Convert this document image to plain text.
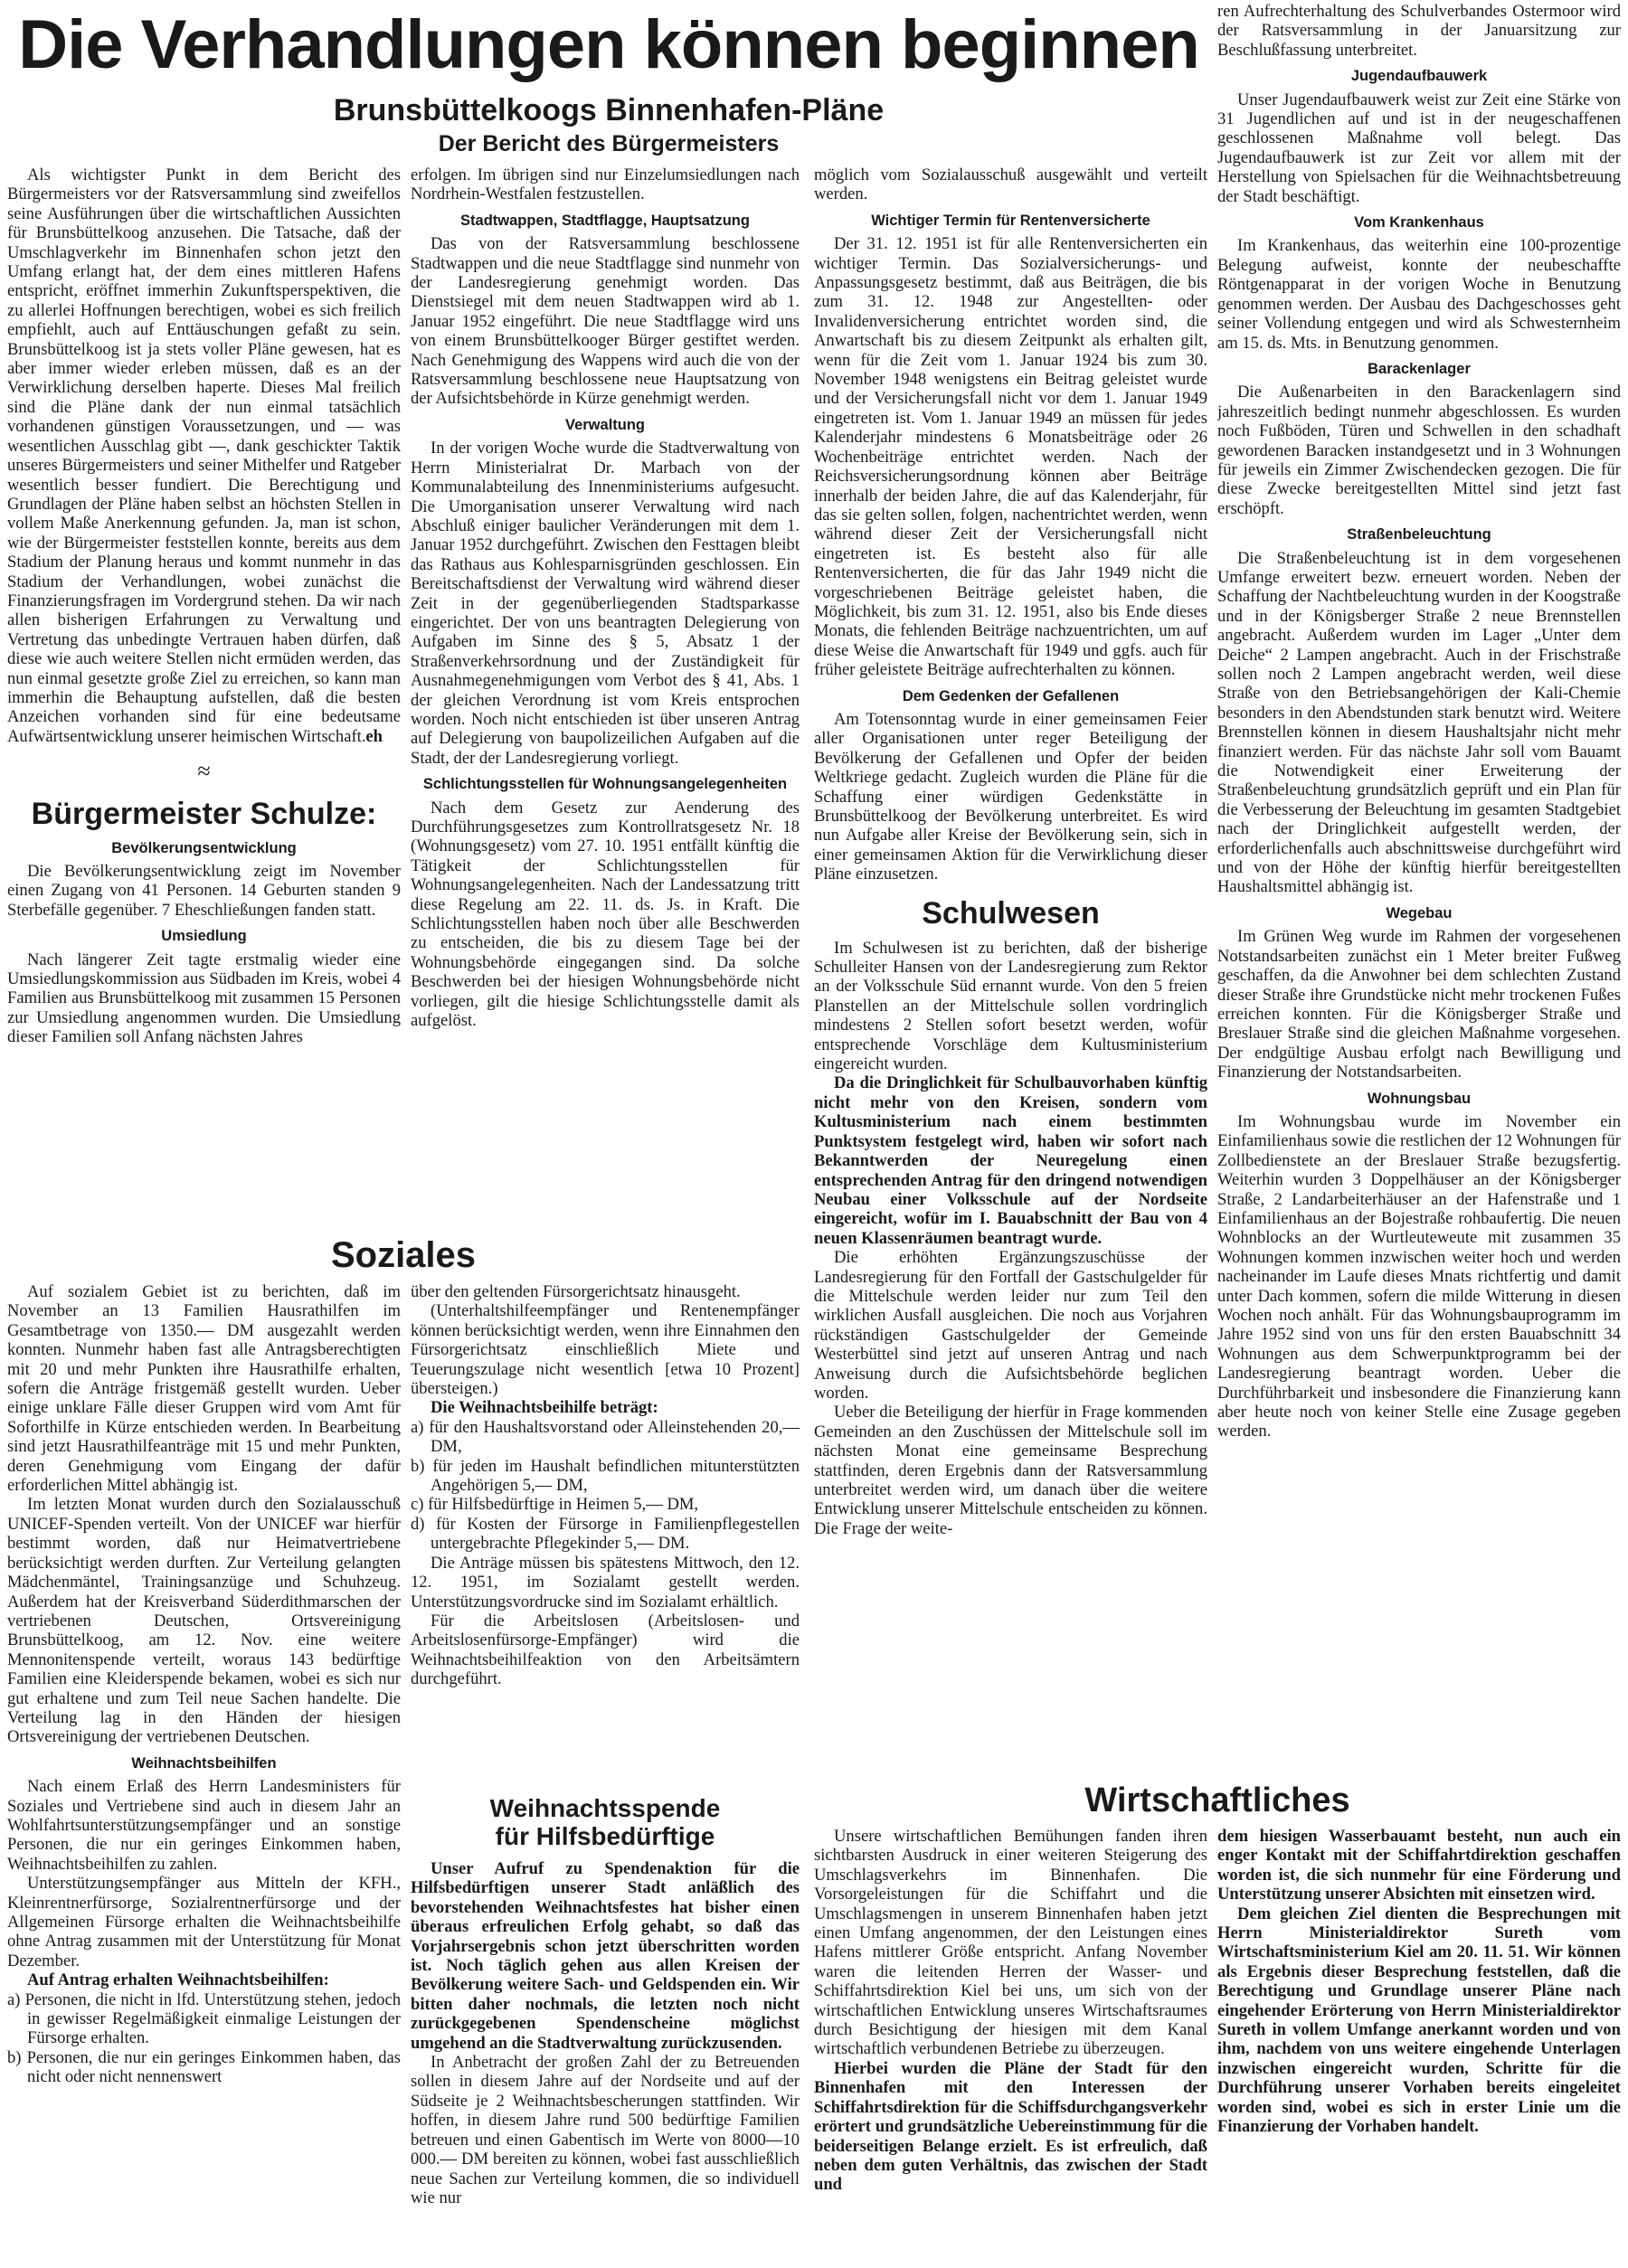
Die Verhandlungen können beginnen
Brunsbüttelkoogs Binnenhafen-Pläne
Der Bericht des Bürgermeisters

Als wichtigster Punkt in dem Bericht des Bürgermeisters vor der Ratsversammlung sind zweifellos seine Ausführungen über die wirtschaftlichen Aussichten für Brunsbüttelkoog anzusehen. Die Tatsache, daß der Umschlagverkehr im Binnenhafen schon jetzt den Umfang erlangt hat, der dem eines mittleren Hafens entspricht, eröffnet immerhin Zukunftsperspektiven, die zu allerlei Hoffnungen berechtigen, wobei es sich freilich empfiehlt, auch auf Enttäuschungen gefaßt zu sein. Brunsbüttelkoog ist ja stets voller Pläne gewesen, hat es aber immer wieder erleben müssen, daß es an der Verwirklichung derselben haperte. Dieses Mal freilich sind die Pläne dank der nun einmal tatsächlich vorhandenen günstigen Voraussetzungen, und — was wesentlichen Ausschlag gibt —, dank geschickter Taktik unseres Bürgermeisters und seiner Mithelfer und Ratgeber wesentlich besser fundiert. Die Berechtigung und Grundlagen der Pläne haben selbst an höchsten Stellen in vollem Maße Anerkennung gefunden. Ja, man ist schon, wie der Bürgermeister feststellen konnte, bereits aus dem Stadium der Planung heraus und kommt nunmehr in das Stadium der Verhandlungen, wobei zunächst die Finanzierungsfragen im Vordergrund stehen. Da wir nach allen bisherigen Erfahrungen zu Verwaltung und Vertretung das unbedingte Vertrauen haben dürfen, daß diese wie auch weitere Stellen nicht ermüden werden, das nun einmal gesetzte große Ziel zu erreichen, so kann man immerhin die Behauptung aufstellen, daß die besten Anzeichen vorhanden sind für eine bedeutsame Aufwärtsentwicklung unserer heimischen Wirtschaft. eh

≈

Bürgermeister Schulze:

Bevölkerungsentwicklung

Die Bevölkerungsentwicklung zeigt im November einen Zugang von 41 Personen. 14 Geburten standen 9 Sterbefälle gegenüber. 7 Eheschließungen fanden statt.

Umsiedlung

Nach längerer Zeit tagte erstmalig wieder eine Umsiedlungskommission aus Südbaden im Kreis, wobei 4 Familien aus Brunsbüttelkoog mit zusammen 15 Personen zur Umsiedlung angenommen wurden. Die Umsiedlung dieser Familien soll Anfang nächsten Jahres

erfolgen. Im übrigen sind nur Einzelumsiedlungen nach Nordrhein-Westfalen festzustellen.

Stadtwappen, Stadtflagge, Hauptsatzung

Das von der Ratsversammlung beschlossene Stadtwappen und die neue Stadtflagge sind nunmehr von der Landesregierung genehmigt worden. Das Dienstsiegel mit dem neuen Stadtwappen wird ab 1. Januar 1952 eingeführt. Die neue Stadtflagge wird uns von einem Brunsbüttelkooger Bürger gestiftet werden. Nach Genehmigung des Wappens wird auch die von der Ratsversammlung beschlossene neue Hauptsatzung von der Aufsichtsbehörde in Kürze genehmigt werden.

Verwaltung

In der vorigen Woche wurde die Stadtverwaltung von Herrn Ministerialrat Dr. Marbach von der Kommunalabteilung des Innenministeriums aufgesucht. Die Umorganisation unserer Verwaltung wird nach Abschluß einiger baulicher Veränderungen mit dem 1. Januar 1952 durchgeführt. Zwischen den Festtagen bleibt das Rathaus aus Kohlesparnisgründen geschlossen. Ein Bereitschaftsdienst der Verwaltung wird während dieser Zeit in der gegenüberliegenden Stadtsparkasse eingerichtet. Der von uns beantragten Delegierung von Aufgaben im Sinne des § 5, Absatz 1 der Straßenverkehrsordnung und der Zuständigkeit für Ausnahmegenehmigungen vom Verbot des § 41, Abs. 1 der gleichen Verordnung ist vom Kreis entsprochen worden. Noch nicht entschieden ist über unseren Antrag auf Delegierung von baupolizeilichen Aufgaben auf die Stadt, der der Landesregierung vorliegt.

Schlichtungsstellen für Wohnungsangelegenheiten

Nach dem Gesetz zur Aenderung des Durchführungsgesetzes zum Kontrollratsgesetz Nr. 18 (Wohnungsgesetz) vom 27. 10. 1951 entfällt künftig die Tätigkeit der Schlichtungsstellen für Wohnungsangelegenheiten. Nach der Landessatzung tritt diese Regelung am 22. 11. ds. Js. in Kraft. Die Schlichtungsstellen haben noch über alle Beschwerden zu entscheiden, die bis zu diesem Tage bei der Wohnungsbehörde eingegangen sind. Da solche Beschwerden bei der hiesigen Wohnungsbehörde nicht vorliegen, gilt die hiesige Schlichtungsstelle damit als aufgelöst.

möglich vom Sozialausschuß ausgewählt und verteilt werden.

Wichtiger Termin für Rentenversicherte

Der 31. 12. 1951 ist für alle Rentenversicherten ein wichtiger Termin. Das Sozialversicherungs- und Anpassungsgesetz bestimmt, daß aus Beiträgen, die bis zum 31. 12. 1948 zur Angestellten- oder Invalidenversicherung entrichtet worden sind, die Anwartschaft bis zu diesem Zeitpunkt als erhalten gilt, wenn für die Zeit vom 1. Januar 1924 bis zum 30. November 1948 wenigstens ein Beitrag geleistet wurde und der Versicherungsfall nicht vor dem 1. Januar 1949 eingetreten ist. Vom 1. Januar 1949 an müssen für jedes Kalenderjahr mindestens 6 Monatsbeiträge oder 26 Wochenbeiträge entrichtet werden. Nach der Reichsversicherungsordnung können aber Beiträge innerhalb der beiden Jahre, die auf das Kalenderjahr, für das sie gelten sollen, folgen, nachentrichtet werden, wenn während dieser Zeit der Versicherungsfall nicht eingetreten ist. Es besteht also für alle Rentenversicherten, die für das Jahr 1949 nicht die vorgeschriebenen Beiträge geleistet haben, die Möglichkeit, bis zum 31. 12. 1951, also bis Ende dieses Monats, die fehlenden Beiträge nachzuentrichten, um auf diese Weise die Anwartschaft für 1949 und ggfs. auch für früher geleistete Beiträge aufrechterhalten zu können.

Dem Gedenken der Gefallenen

Am Totensonntag wurde in einer gemeinsamen Feier aller Organisationen unter reger Beteiligung der Bevölkerung der Gefallenen und Opfer der beiden Weltkriege gedacht. Zugleich wurden die Pläne für die Schaffung einer würdigen Gedenkstätte in Brunsbüttelkoog der Bevölkerung unterbreitet. Es wird nun Aufgabe aller Kreise der Bevölkerung sein, sich in einer gemeinsamen Aktion für die Verwirklichung dieser Pläne einzusetzen.

Schulwesen

Im Schulwesen ist zu berichten, daß der bisherige Schulleiter Hansen von der Landesregierung zum Rektor an der Volksschule Süd ernannt wurde. Von den 5 freien Planstellen an der Mittelschule sollen vordringlich mindestens 2 Stellen sofort besetzt werden, wofür entsprechende Vorschläge dem Kultusministerium eingereicht wurden.

Da die Dringlichkeit für Schulbauvorhaben künftig nicht mehr von den Kreisen, sondern vom Kultusministerium nach einem bestimmten Punktsystem festgelegt wird, haben wir sofort nach Bekanntwerden der Neuregelung einen entsprechenden Antrag für den dringend notwendigen Neubau einer Volksschule auf der Nordseite eingereicht, wofür im I. Bauabschnitt der Bau von 4 neuen Klassenräumen beantragt wurde.

Die erhöhten Ergänzungszuschüsse der Landesregierung für den Fortfall der Gastschulgelder für die Mittelschule werden leider nur zum Teil den wirklichen Ausfall ausgleichen. Die noch aus Vorjahren rückständigen Gastschulgelder der Gemeinde Westerbüttel sind jetzt auf unseren Antrag und nach Anweisung durch die Aufsichtsbehörde beglichen worden.

Ueber die Beteiligung der hierfür in Frage kommenden Gemeinden an den Zuschüssen der Mittelschule soll im nächsten Monat eine gemeinsame Besprechung stattfinden, deren Ergebnis dann der Ratsversammlung unterbreitet werden wird, um danach über die weitere Entwicklung unserer Mittelschule entscheiden zu können. Die Frage der weite-

ren Aufrechterhaltung des Schulverbandes Ostermoor wird der Ratsversammlung in der Januarsitzung zur Beschlußfassung unterbreitet.

Jugendaufbauwerk

Unser Jugendaufbauwerk weist zur Zeit eine Stärke von 31 Jugendlichen auf und ist in der neugeschaffenen geschlossenen Maßnahme voll belegt. Das Jugendaufbauwerk ist zur Zeit vor allem mit der Herstellung von Spielsachen für die Weihnachtsbetreuung der Stadt beschäftigt.

Vom Krankenhaus

Im Krankenhaus, das weiterhin eine 100-prozentige Belegung aufweist, konnte der neubeschaffte Röntgenapparat in der vorigen Woche in Benutzung genommen werden. Der Ausbau des Dachgeschosses geht seiner Vollendung entgegen und wird als Schwesternheim am 15. ds. Mts. in Benutzung genommen.

Barackenlager

Die Außenarbeiten in den Barackenlagern sind jahreszeitlich bedingt nunmehr abgeschlossen. Es wurden noch Fußböden, Türen und Schwellen in den schadhaft gewordenen Baracken instandgesetzt und in 3 Wohnungen für jeweils ein Zimmer Zwischendecken gezogen. Die für diese Zwecke bereitgestellten Mittel sind jetzt fast erschöpft.

Straßenbeleuchtung

Die Straßenbeleuchtung ist in dem vorgesehenen Umfange erweitert bezw. erneuert worden. Neben der Schaffung der Nachtbeleuchtung wurden in der Koogstraße und in der Königsberger Straße 2 neue Brennstellen angebracht. Außerdem wurden im Lager „Unter dem Deiche“ 2 Lampen angebracht. Auch in der Frischstraße sollen noch 2 Lampen angebracht werden, weil diese Straße von den Betriebsangehörigen der Kali-Chemie besonders in den Abendstunden stark benutzt wird. Weitere Brennstellen können in diesem Haushaltsjahr nicht mehr finanziert werden. Für das nächste Jahr soll vom Bauamt die Notwendigkeit einer Erweiterung der Straßenbeleuchtung grundsätzlich geprüft und ein Plan für die Verbesserung der Beleuchtung im gesamten Stadtgebiet nach der Dringlichkeit aufgestellt werden, der erforderlichenfalls auch abschnittsweise durchgeführt wird und von der Höhe der künftig hierfür bereitgestellten Haushaltsmittel abhängig ist.

Wegebau

Im Grünen Weg wurde im Rahmen der vorgesehenen Notstandsarbeiten zunächst ein 1 Meter breiter Fußweg geschaffen, da die Anwohner bei dem schlechten Zustand dieser Straße ihre Grundstücke nicht mehr trockenen Fußes erreichen konnten. Für die Königsberger Straße und Breslauer Straße sind die gleichen Maßnahme vorgesehen. Der endgültige Ausbau erfolgt nach Bewilligung und Finanzierung der Notstandsarbeiten.

Wohnungsbau

Im Wohnungsbau wurde im November ein Einfamilienhaus sowie die restlichen der 12 Wohnungen für Zollbedienstete an der Breslauer Straße bezugsfertig. Weiterhin wurden 3 Doppelhäuser an der Königsberger Straße, 2 Landarbeiterhäuser an der Hafenstraße und 1 Einfamilienhaus an der Bojestraße rohbaufertig. Die neuen Wohnblocks an der Wurtleuteweute mit zusammen 35 Wohnungen kommen inzwischen weiter hoch und werden nacheinander im Laufe dieses Mnats richtfertig und damit unter Dach kommen, sofern die milde Witterung in diesen Wochen noch anhält. Für das Wohnungsbauprogramm im Jahre 1952 sind von uns für den ersten Bauabschnitt 34 Wohnungen aus dem Schwerpunktprogramm bei der Landesregierung beantragt worden. Ueber die Durchführbarkeit und insbesondere die Finanzierung kann aber heute noch von keiner Stelle eine Zusage gegeben werden.

Soziales

Auf sozialem Gebiet ist zu berichten, daß im November an 13 Familien Hausrathilfen im Gesamtbetrage von 1350.— DM ausgezahlt werden konnten. Nunmehr haben fast alle Antragsberechtigten mit 20 und mehr Punkten ihre Hausrathilfe erhalten, sofern die Anträge fristgemäß gestellt wurden. Ueber einige unklare Fälle dieser Gruppen wird vom Amt für Soforthilfe in Kürze entschieden werden. In Bearbeitung sind jetzt Hausrathilfeanträge mit 15 und mehr Punkten, deren Genehmigung vom Eingang der dafür erforderlichen Mittel abhängig ist.

Im letzten Monat wurden durch den Sozialausschuß UNICEF-Spenden verteilt. Von der UNICEF war hierfür bestimmt worden, daß nur Heimatvertriebene berücksichtigt werden durften. Zur Verteilung gelangten Mädchenmäntel, Trainingsanzüge und Schuhzeug. Außerdem hat der Kreisverband Süderdithmarschen der vertriebenen Deutschen, Ortsvereinigung Brunsbüttelkoog, am 12. Nov. eine weitere Mennonitenspende verteilt, woraus 143 bedürftige Familien eine Kleiderspende bekamen, wobei es sich nur gut erhaltene und zum Teil neue Sachen handelte. Die Verteilung lag in den Händen der hiesigen Ortsvereinigung der vertriebenen Deutschen.

Weihnachtsbeihilfen

Nach einem Erlaß des Herrn Landesministers für Soziales und Vertriebene sind auch in diesem Jahr an Wohlfahrtsunterstützungsempfänger und an sonstige Personen, die nur ein geringes Einkommen haben, Weihnachtsbeihilfen zu zahlen.

Unterstützungsempfänger aus Mitteln der KFH., Kleinrentnerfürsorge, Sozialrentnerfürsorge und der Allgemeinen Fürsorge erhalten die Weihnachtsbeihilfe ohne Antrag zusammen mit der Unterstützung für Monat Dezember.

Auf Antrag erhalten Weihnachtsbeihilfen:

a) Personen, die nicht in lfd. Unterstützung stehen, jedoch in gewisser Regelmäßigkeit einmalige Leistungen der Fürsorge erhalten.

b) Personen, die nur ein geringes Einkommen haben, das nicht oder nicht nennenswert

über den geltenden Fürsorgerichtsatz hinausgeht.

(Unterhaltshilfeempfänger und Rentenempfänger können berücksichtigt werden, wenn ihre Einnahmen den Fürsorgerichtsatz einschließlich Miete und Teuerungszulage nicht wesentlich [etwa 10 Prozent] übersteigen.)

Die Weihnachtsbeihilfe beträgt:

a) für den Haushaltsvorstand oder Alleinstehenden 20,— DM,

b) für jeden im Haushalt befindlichen mitunterstützten Angehörigen 5,— DM,

c) für Hilfsbedürftige in Heimen 5,— DM,

d) für Kosten der Fürsorge in Familienpflegestellen untergebrachte Pflegekinder 5,— DM.

Die Anträge müssen bis spätestens Mittwoch, den 12. 12. 1951, im Sozialamt gestellt werden. Unterstützungsvordrucke sind im Sozialamt erhältlich.

Für die Arbeitslosen (Arbeitslosen- und Arbeitslosenfürsorge-Empfänger) wird die Weihnachtsbeihilfeaktion von den Arbeitsämtern durchgeführt.

Weihnachtsspende
für Hilfsbedürftige

Unser Aufruf zu Spendenaktion für die Hilfsbedürftigen unserer Stadt anläßlich des bevorstehenden Weihnachtsfestes hat bisher einen überaus erfreulichen Erfolg gehabt, so daß das Vorjahrsergebnis schon jetzt überschritten worden ist. Noch täglich gehen aus allen Kreisen der Bevölkerung weitere Sach- und Geldspenden ein. Wir bitten daher nochmals, die letzten noch nicht zurückgegebenen Spendenscheine möglichst umgehend an die Stadtverwaltung zurückzusenden.

In Anbetracht der großen Zahl der zu Betreuenden sollen in diesem Jahre auf der Nordseite und auf der Südseite je 2 Weihnachtsbescherungen stattfinden. Wir hoffen, in diesem Jahre rund 500 bedürftige Familien betreuen und einen Gabentisch im Werte von 8000—10 000.— DM bereiten zu können, wobei fast ausschließlich neue Sachen zur Verteilung kommen, die so individuell wie nur

Wirtschaftliches

Unsere wirtschaftlichen Bemühungen fanden ihren sichtbarsten Ausdruck in einer weiteren Steigerung des Umschlagsverkehrs im Binnenhafen. Die Vorsorgeleistungen für die Schiffahrt und die Umschlagsmengen in unserem Binnenhafen haben jetzt einen Umfang angenommen, der den Leistungen eines Hafens mittlerer Größe entspricht. Anfang November waren die leitenden Herren der Wasser- und Schiffahrtsdirektion Kiel bei uns, um sich von der wirtschaftlichen Entwicklung unseres Wirtschaftsraumes durch Besichtigung der hiesigen mit dem Kanal wirtschaftlich verbundenen Betriebe zu überzeugen.

Hierbei wurden die Pläne der Stadt für den Binnenhafen mit den Interessen der Schiffahrtsdirektion für die Schiffsdurchgangsverkehr erörtert und grundsätzliche Uebereinstimmung für die beiderseitigen Belange erzielt. Es ist erfreulich, daß neben dem guten Verhältnis, das zwischen der Stadt und

dem hiesigen Wasserbauamt besteht, nun auch ein enger Kontakt mit der Schiffahrtdirektion geschaffen worden ist, die sich nunmehr für eine Förderung und Unterstützung unserer Absichten mit einsetzen wird.

Dem gleichen Ziel dienten die Besprechungen mit Herrn Ministerialdirektor Sureth vom Wirtschaftsministerium Kiel am 20. 11. 51. Wir können als Ergebnis dieser Besprechung feststellen, daß die Berechtigung und Grundlage unserer Pläne nach eingehender Erörterung von Herrn Ministerialdirektor Sureth in vollem Umfange anerkannt worden und von ihm, nachdem von uns weitere eingehende Unterlagen inzwischen eingereicht wurden, Schritte für die Durchführung unserer Vorhaben bereits eingeleitet worden sind, wobei es sich in erster Linie um die Finanzierung der Vorhaben handelt.
